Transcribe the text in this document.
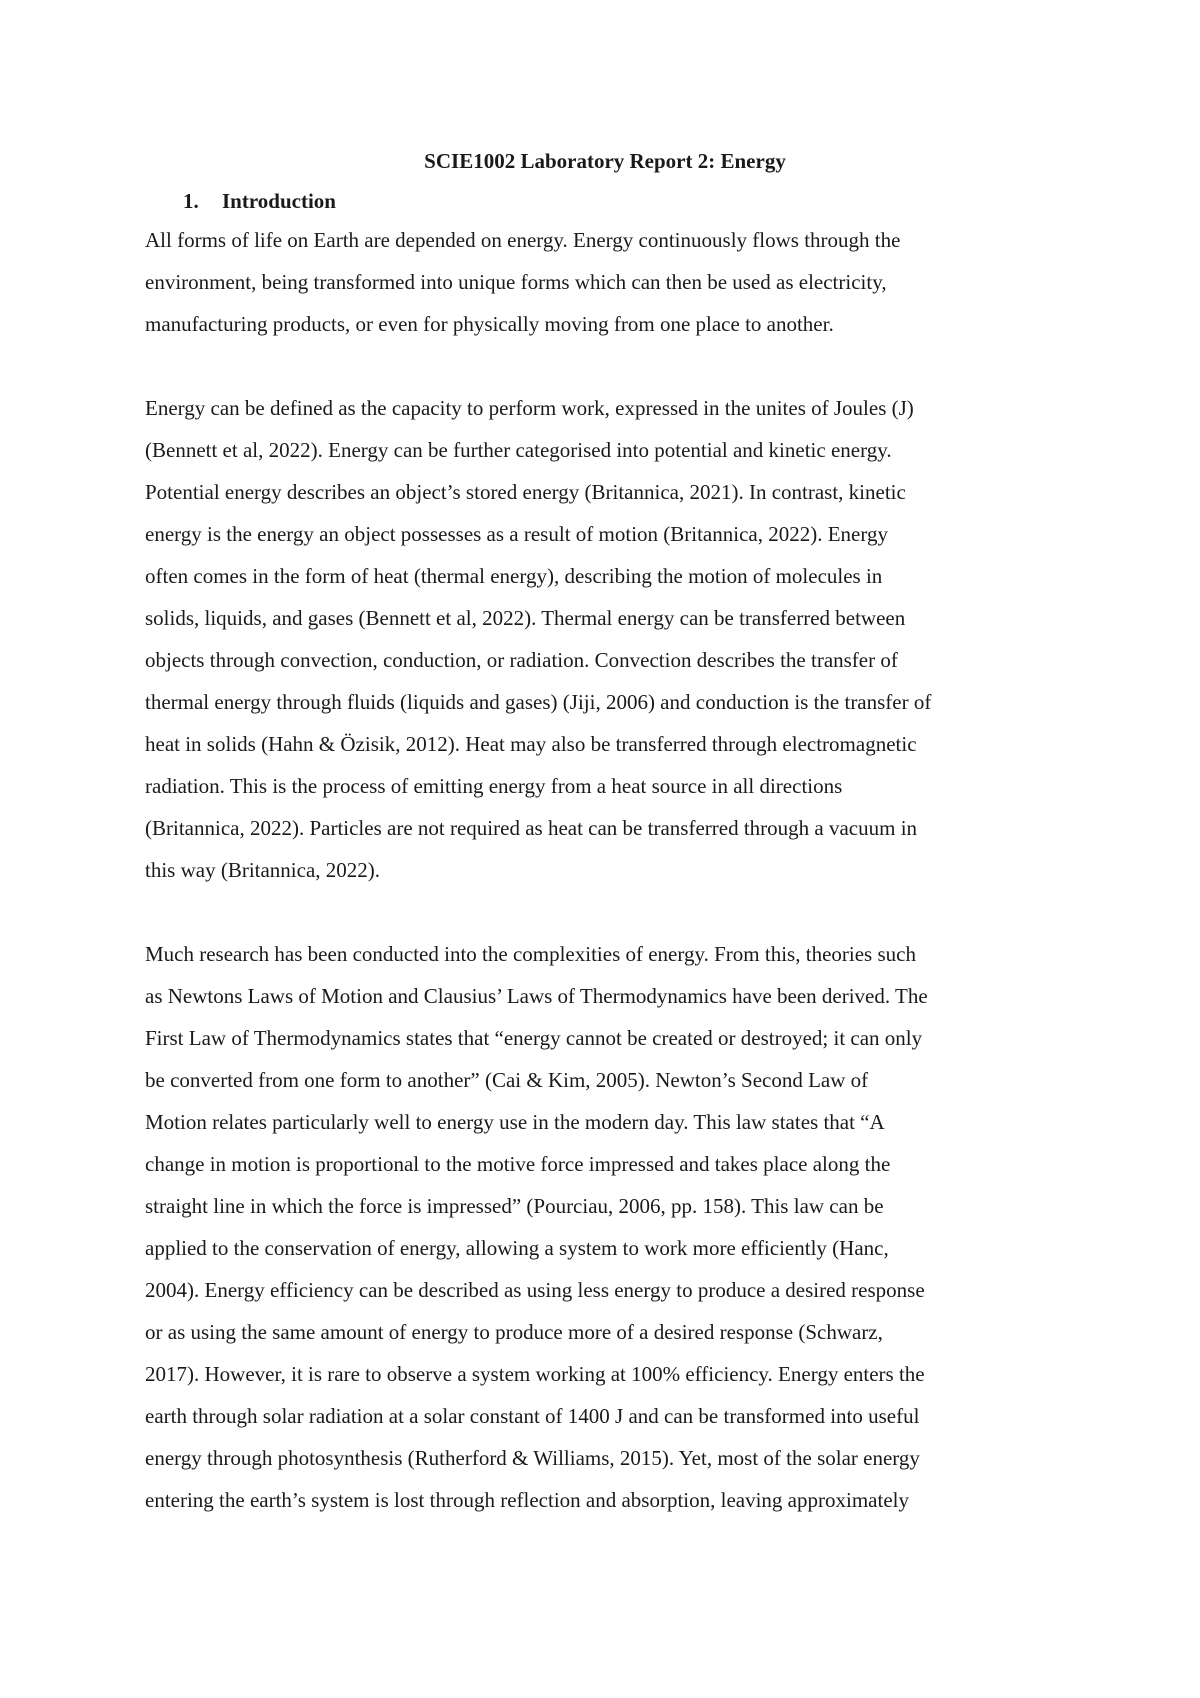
SCIE1002 Laboratory Report 2: Energy
1. Introduction

All forms of life on Earth are depended on energy. Energy continuously flows through the
environment, being transformed into unique forms which can then be used as electricity,
manufacturing products, or even for physically moving from one place to another.

Energy can be defined as the capacity to perform work, expressed in the unites of Joules (J)
(Bennett et al, 2022). Energy can be further categorised into potential and kinetic energy.
Potential energy describes an object’s stored energy (Britannica, 2021). In contrast, kinetic
energy is the energy an object possesses as a result of motion (Britannica, 2022). Energy
often comes in the form of heat (thermal energy), describing the motion of molecules in
solids, liquids, and gases (Bennett et al, 2022). Thermal energy can be transferred between
objects through convection, conduction, or radiation. Convection describes the transfer of
thermal energy through fluids (liquids and gases) (Jiji, 2006) and conduction is the transfer of
heat in solids (Hahn & Özisik, 2012). Heat may also be transferred through electromagnetic
radiation. This is the process of emitting energy from a heat source in all directions
(Britannica, 2022). Particles are not required as heat can be transferred through a vacuum in
this way (Britannica, 2022).

Much research has been conducted into the complexities of energy. From this, theories such
as Newtons Laws of Motion and Clausius’ Laws of Thermodynamics have been derived. The
First Law of Thermodynamics states that “energy cannot be created or destroyed; it can only
be converted from one form to another” (Cai & Kim, 2005). Newton’s Second Law of
Motion relates particularly well to energy use in the modern day. This law states that “A
change in motion is proportional to the motive force impressed and takes place along the
straight line in which the force is impressed” (Pourciau, 2006, pp. 158). This law can be
applied to the conservation of energy, allowing a system to work more efficiently (Hanc,
2004). Energy efficiency can be described as using less energy to produce a desired response
or as using the same amount of energy to produce more of a desired response (Schwarz,
2017). However, it is rare to observe a system working at 100% efficiency. Energy enters the
earth through solar radiation at a solar constant of 1400 J and can be transformed into useful
energy through photosynthesis (Rutherford & Williams, 2015). Yet, most of the solar energy
entering the earth’s system is lost through reflection and absorption, leaving approximately
